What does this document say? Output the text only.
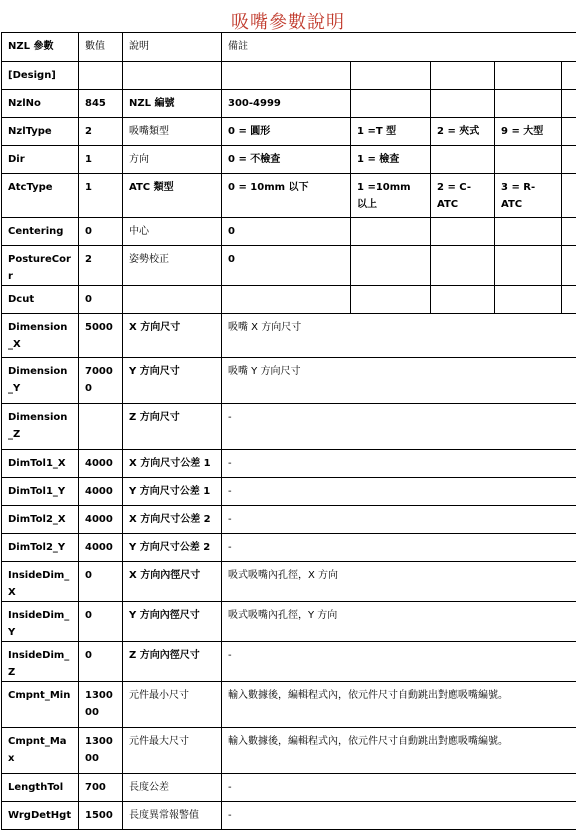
吸嘴參數說明
NZL 參數	數值	說明	備註				
[Design]							
NzlNo	845	NZL 編號	300-4999				
NzlType	2	吸嘴類型	0 = 圓形	1 =T 型	2 = 夾式	9 = 大型	
Dir	1	方向	0 = 不檢查	1 = 檢查			
AtcType	1	ATC 類型	0 = 10mm 以下	1 =10mm 以上	2 = C-ATC	3 = R-ATC	
Centering	0	中心	0				
PostureCorr	2	姿勢校正	0				
Dcut	0						
Dimension_X	5000	X 方向尺寸	吸嘴 X 方向尺寸				
Dimension_Y	70000	Y 方向尺寸	吸嘴 Y 方向尺寸				
Dimension_Z		Z 方向尺寸	-				
DimTol1_X	4000	X 方向尺寸公差 1	-				
DimTol1_Y	4000	Y 方向尺寸公差 1	-				
DimTol2_X	4000	X 方向尺寸公差 2	-				
DimTol2_Y	4000	Y 方向尺寸公差 2	-				
InsideDim_X	0	X 方向內徑尺寸	吸式吸嘴內孔徑，X 方向				
InsideDim_Y	0	Y 方向內徑尺寸	吸式吸嘴內孔徑，Y 方向				
InsideDim_Z	0	Z 方向內徑尺寸	-				
Cmpnt_Min	130000	元件最小尺寸	輸入數據後，編輯程式內，依元件尺寸自動跳出對應吸嘴編號。				
Cmpnt_Max	130000	元件最大尺寸	輸入數據後，編輯程式內，依元件尺寸自動跳出對應吸嘴編號。				
LengthTol	700	長度公差	-				
WrgDetHgt	1500	長度異常報警值	-				
